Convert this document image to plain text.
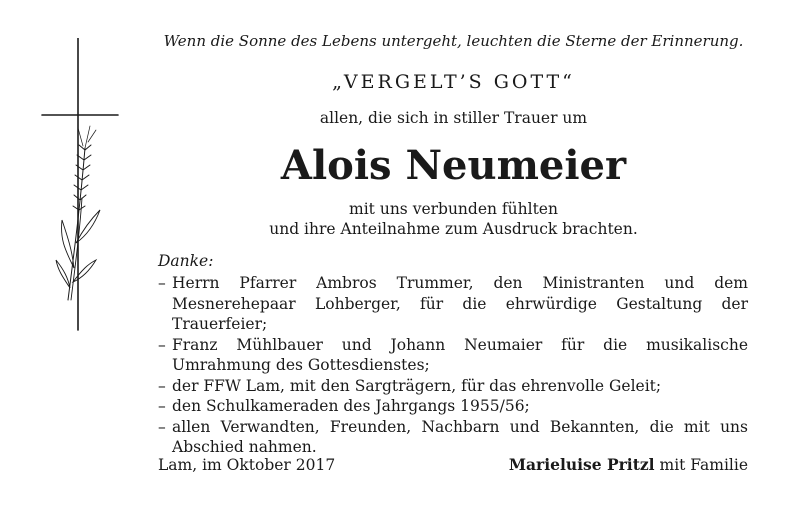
Wenn die Sonne des Lebens untergeht, leuchten die Sterne der Erinnerung.
„VERGELT’S GOTT“
allen, die sich in stiller Trauer um
Alois Neumeier
mit uns verbunden fühlten
und ihre Anteilnahme zum Ausdruck brachten.
Danke:
– Herrn Pfarrer Ambros Trummer, den Ministranten und dem Mesnerehepaar Lohberger, für die ehrwürdige Gestaltung der Trauerfeier;
– Franz Mühlbauer und Johann Neumaier für die musikalische Umrahmung des Gottesdienstes;
– der FFW Lam, mit den Sargträgern, für das ehrenvolle Geleit;
– den Schulkameraden des Jahrgangs 1955/56;
– allen Verwandten, Freunden, Nachbarn und Bekannten, die mit uns Abschied nahmen.
Lam, im Oktober 2017	Marieluise Pritzl mit Familie
